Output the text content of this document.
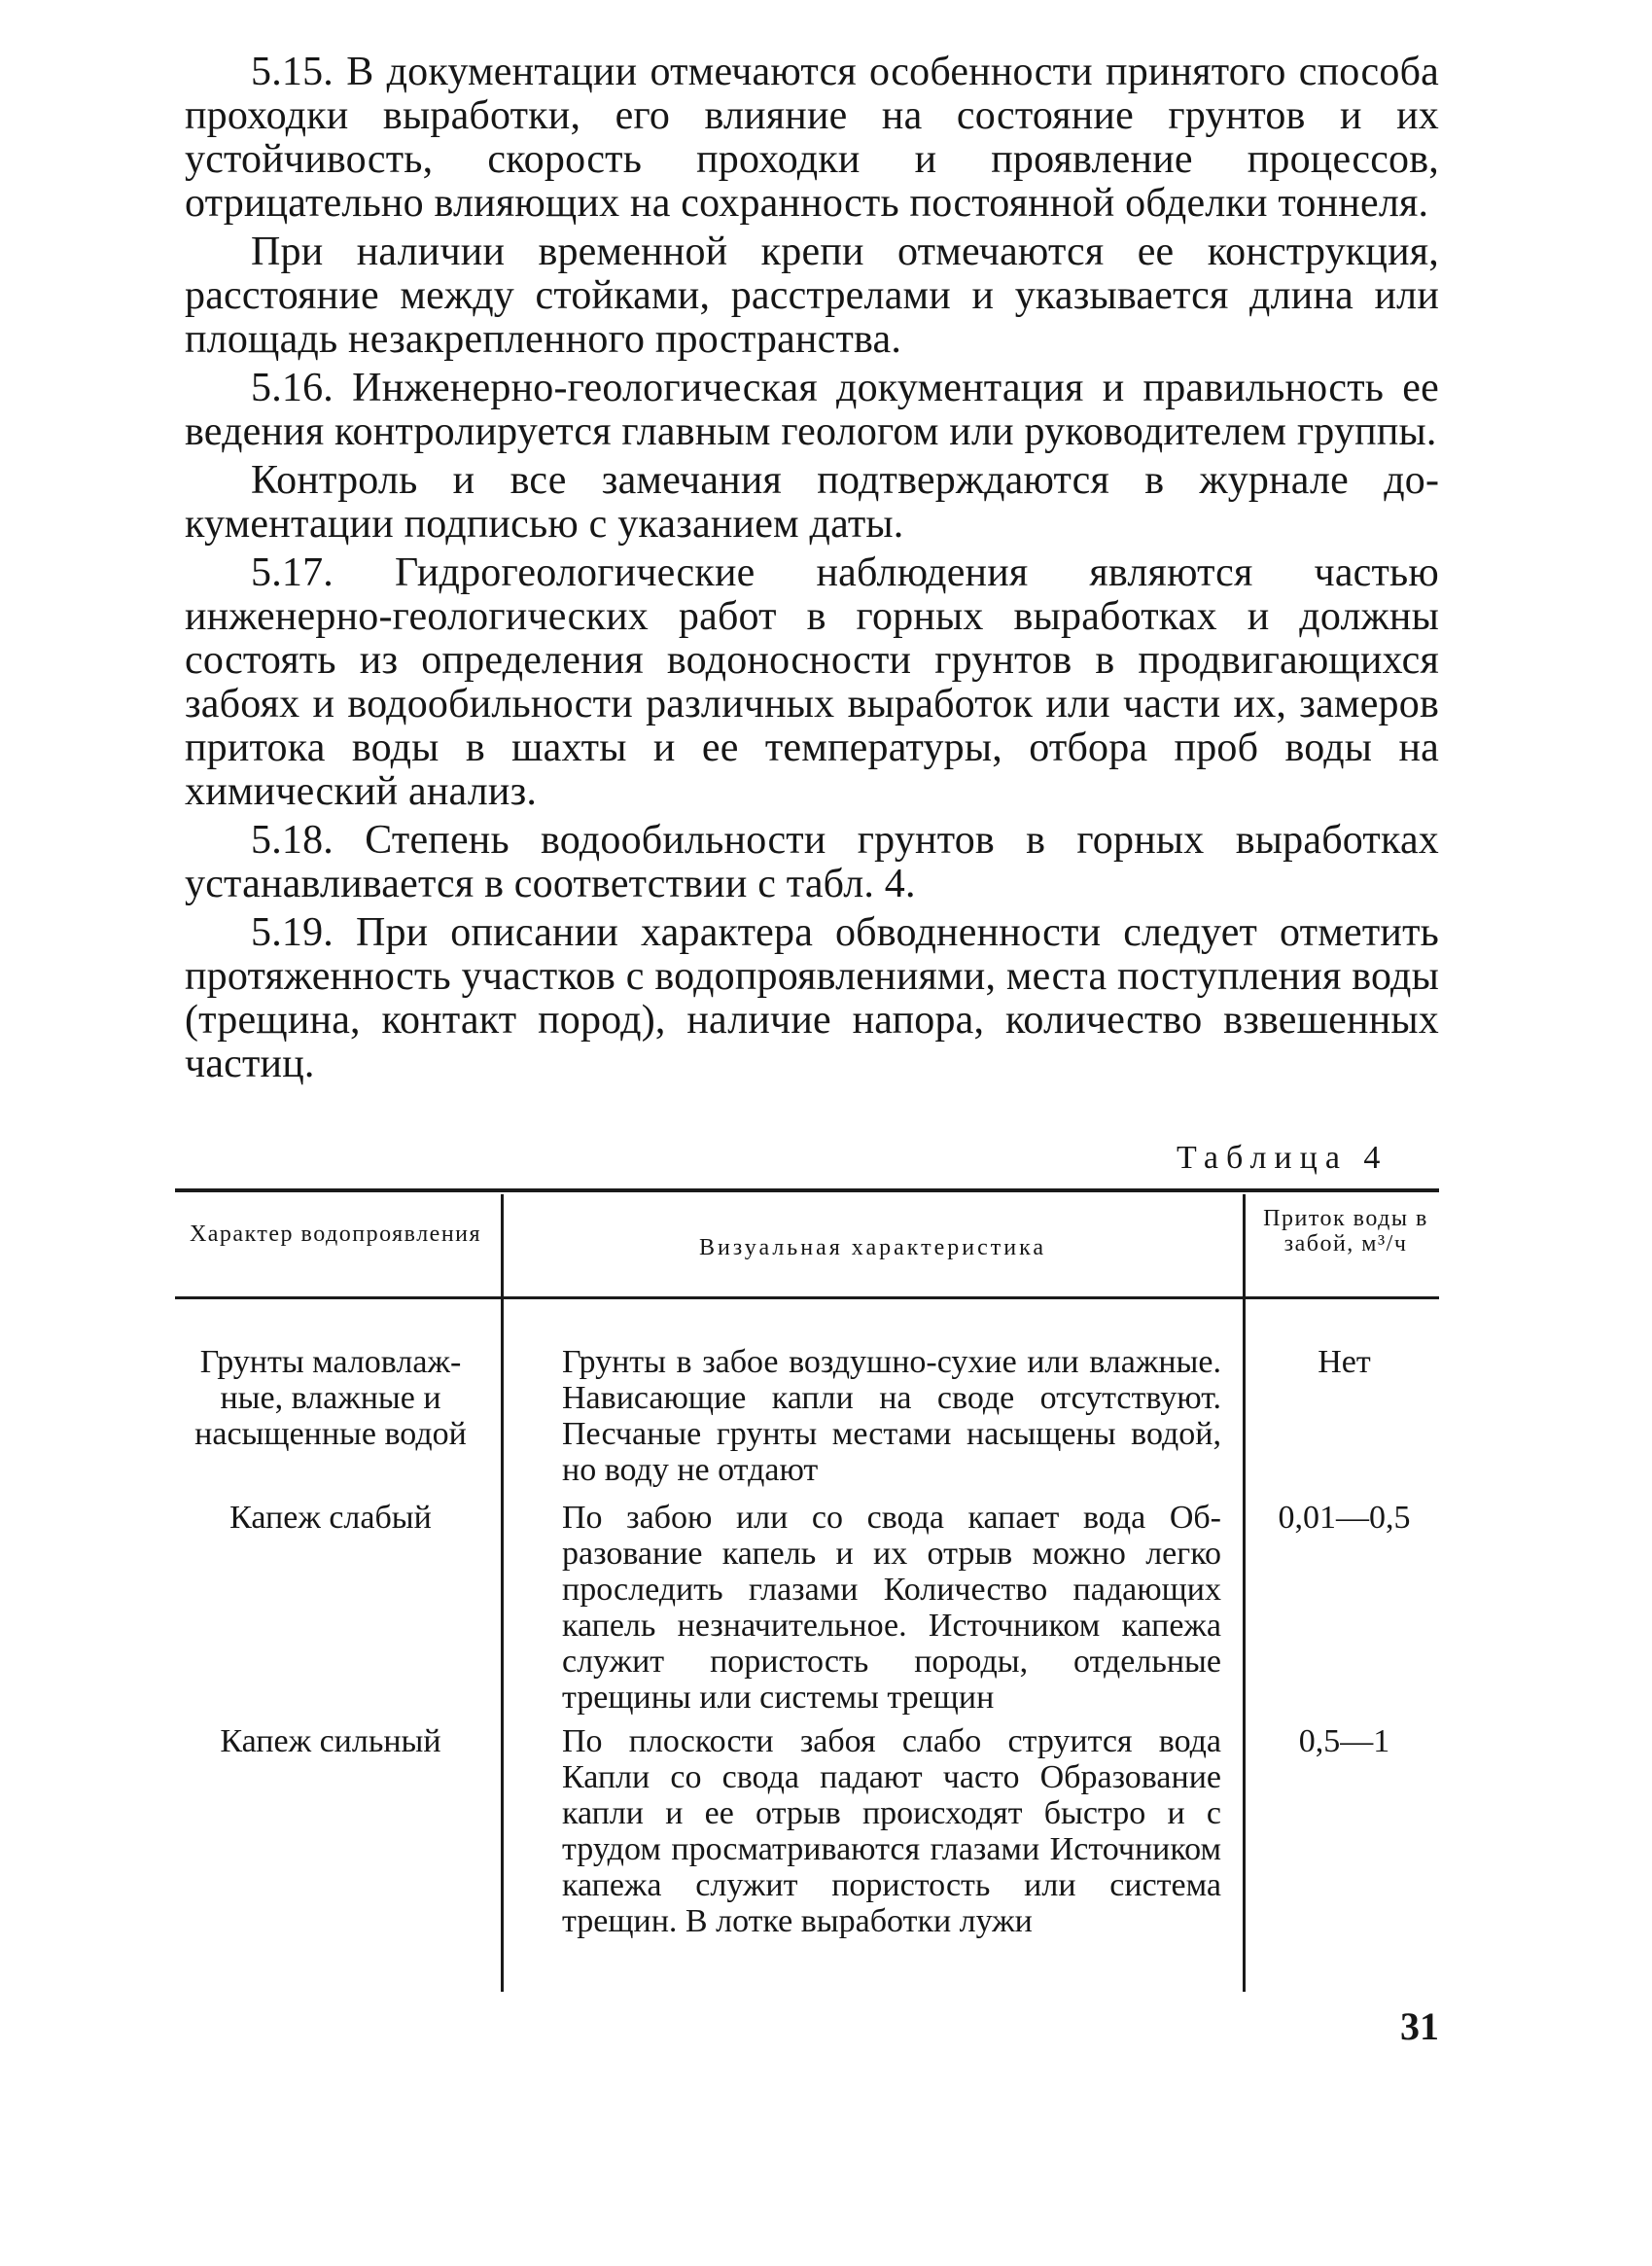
5.15. В документации отмечаются особенности принятого способа проходки выработки, его влияние на состояние грунтов и их устойчивость, скорость проходки и проявление процессов, отрицательно влияющих на сохранность постоянной обделки тоннеля.

При наличии временной крепи отмечаются ее конструкция, расстояние между стойками, расстрелами и указывается длина или площадь незакрепленного пространства.

5.16. Инженерно-геологическая документация и правильность ее ведения контролируется главным геологом или руководителем группы.

Контроль и все замечания подтверждаются в журнале документации подписью с указанием даты.

5.17. Гидрогеологические наблюдения являются частью инженерно-геологических работ в горных выработках и должны состоять из определения водоносности грунтов в продвигающихся забоях и водообильности различных выработок или части их, замеров притока воды в шахты и ее температуры, отбора проб воды на химический анализ.

5.18. Степень водообильности грунтов в горных выработках устанавливается в соответствии с табл. 4.

5.19. При описании характера обводненности следует отметить протяженность участков с водопроявлениями, места поступления воды (трещина, контакт пород), наличие напора, количество взвешенных частиц.

Таблица 4
Характер водопроявления
Визуальная характеристика
Приток воды в забой, м³/ч
Грунты маловлажные, влажные и насыщенные водой
Грунты в забое воздушно-сухие или влажные. Нависающие капли на своде отсутствуют. Песчаные грунты местами насыщены водой, но воду не отдают
Нет
Капеж слабый	По забою или со свода капает вода Образование капель и их отрыв можно легко проследить глазами Количество падающих капель незначительное. Источником капежа служит пористость породы, отдельные трещины или системы трещин
0,01—0,5
Капеж сильный	По плоскости забоя слабо струится вода Капли со свода падают часто Образование капли и ее отрыв происходят быстро и с трудом просматриваются глазами Источником капежа служит пористость или система трещин. В лотке выработки лужи
0,5—1
31
